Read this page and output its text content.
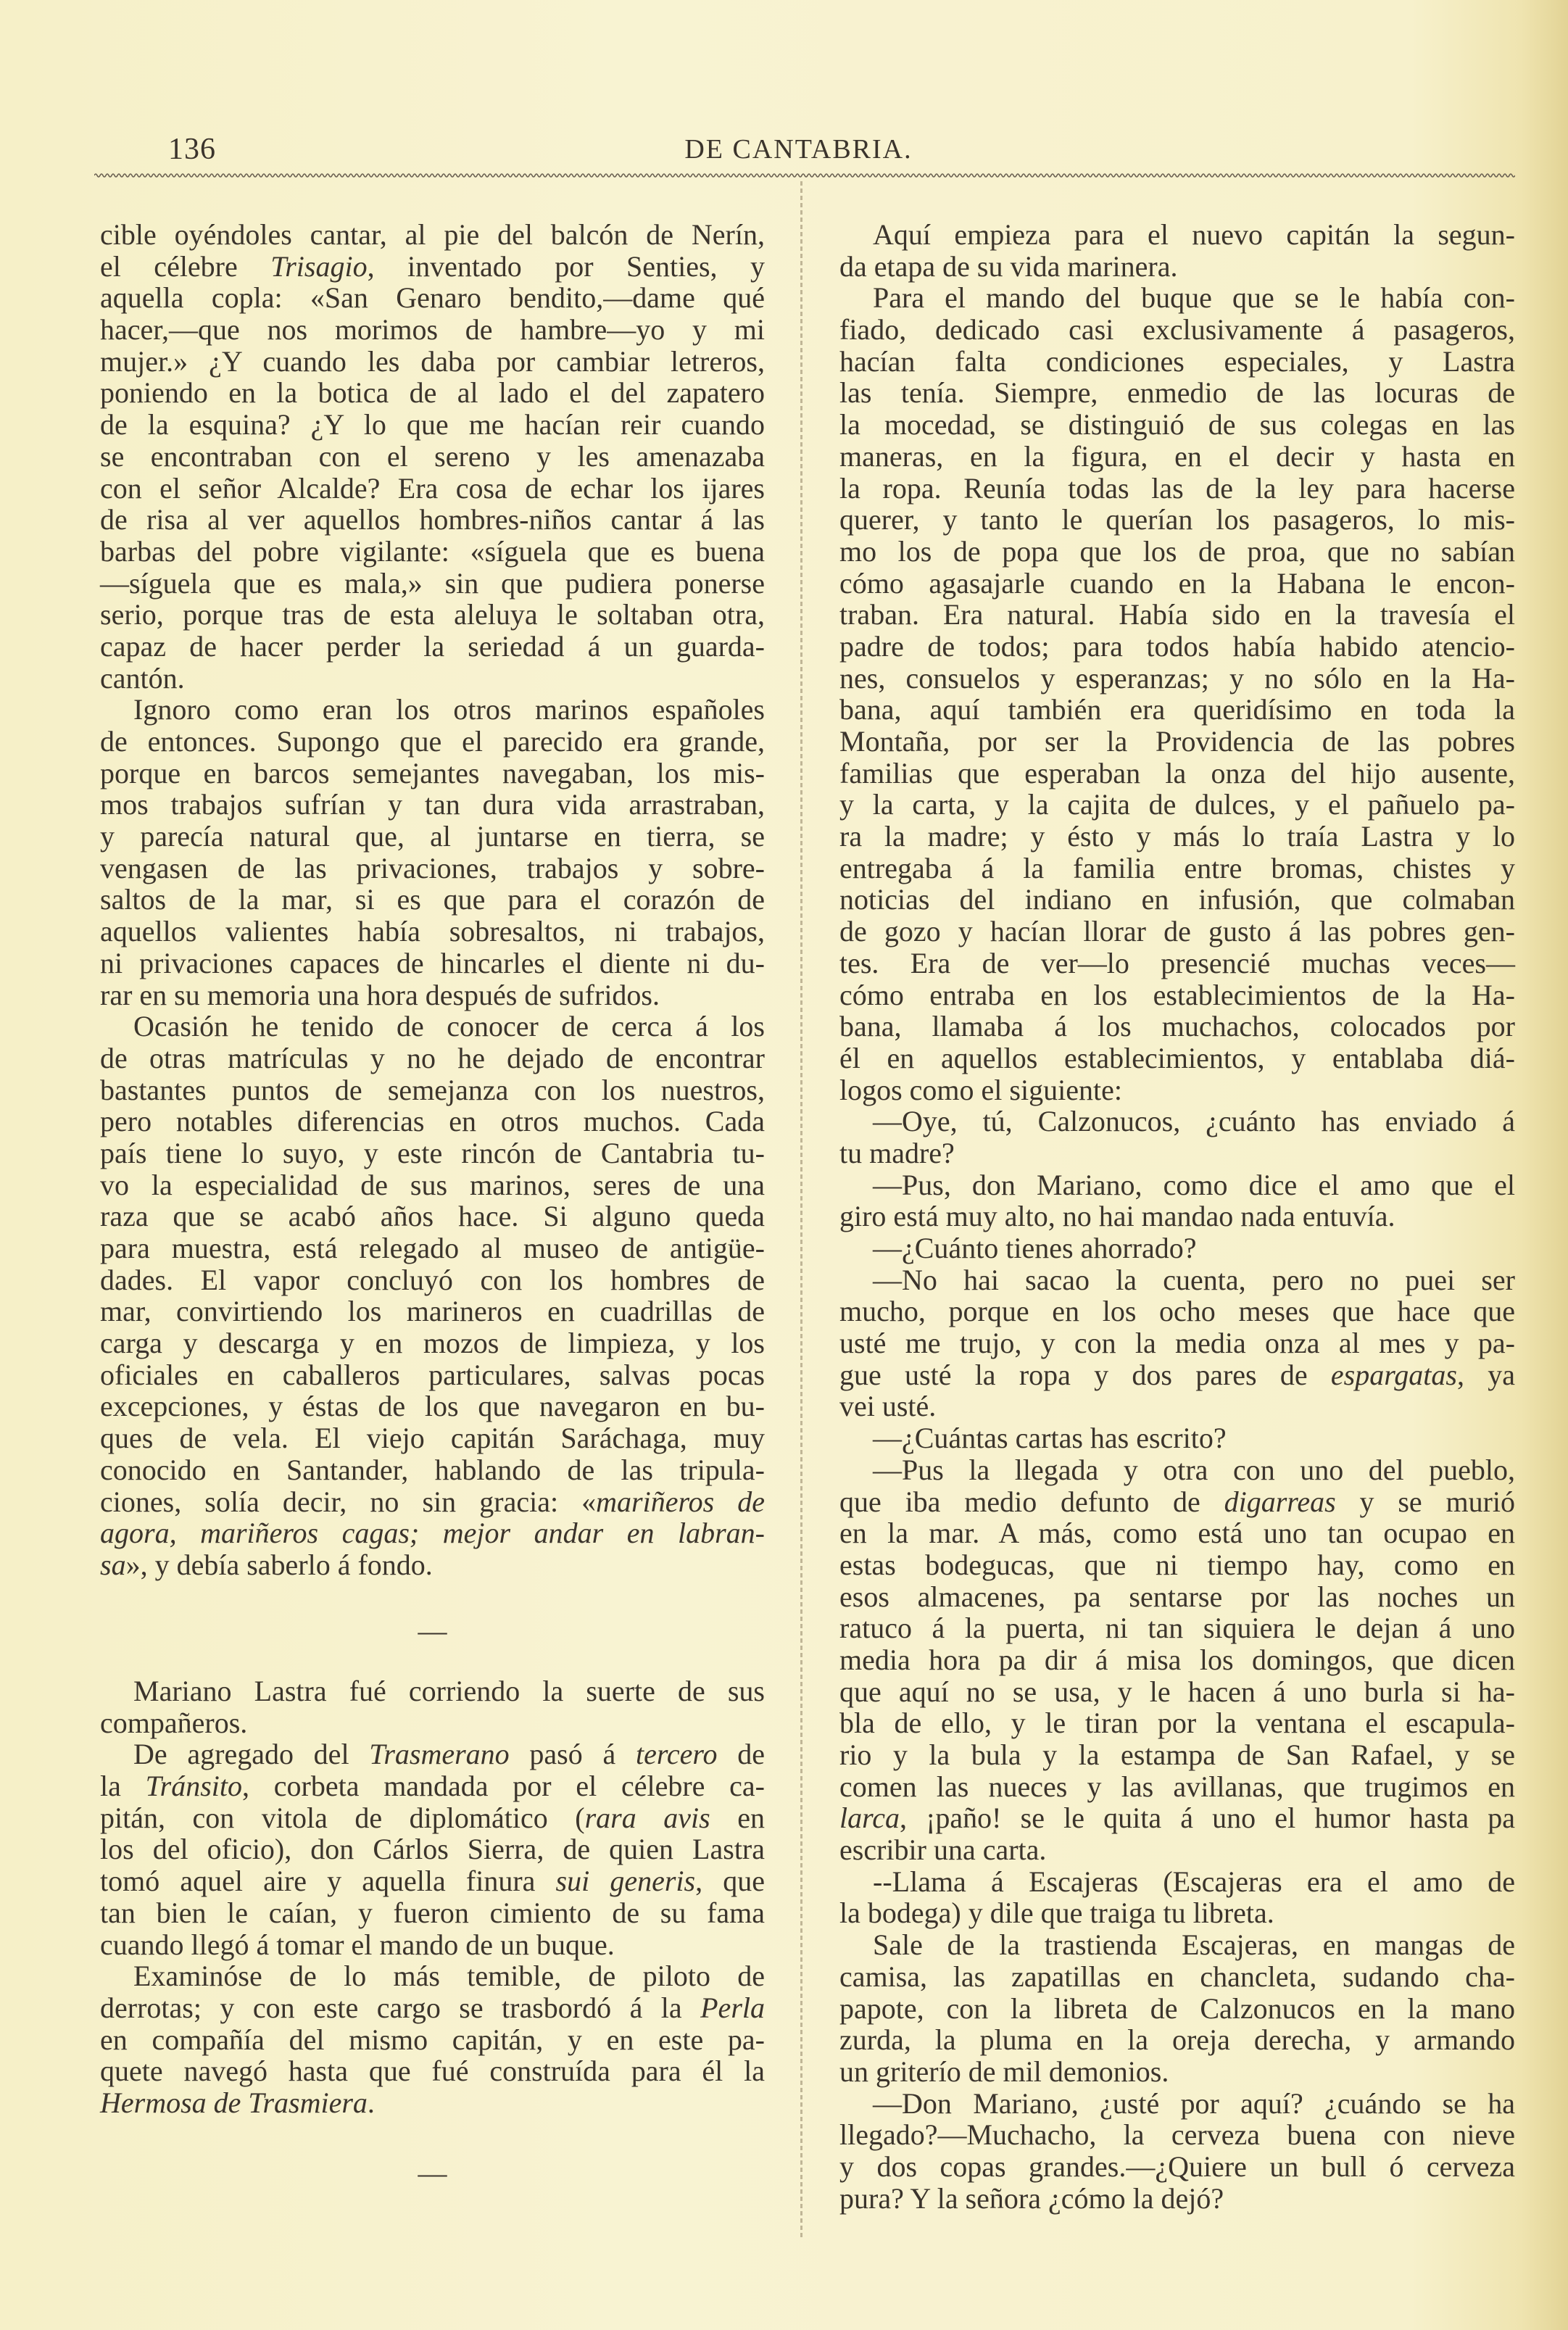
136	DE CANTABRIA.
cible oyéndoles cantar, al pie del balcón de Nerín,
el célebre Trisagio, inventado por Senties, y
aquella copla: «San Genaro bendito,—dame qué
hacer,—que nos morimos de hambre—yo y mi
mujer.» ¿Y cuando les daba por cambiar letreros,
poniendo en la botica de al lado el del zapatero
de la esquina? ¿Y lo que me hacían reir cuando
se encontraban con el sereno y les amenazaba
con el señor Alcalde? Era cosa de echar los ijares
de risa al ver aquellos hombres-niños cantar á las
barbas del pobre vigilante: «síguela que es buena
—síguela que es mala,» sin que pudiera ponerse
serio, porque tras de esta aleluya le soltaban otra,
capaz de hacer perder la seriedad á un guarda-
cantón.
Ignoro como eran los otros marinos españoles
de entonces. Supongo que el parecido era grande,
porque en barcos semejantes navegaban, los mis-
mos trabajos sufrían y tan dura vida arrastraban,
y parecía natural que, al juntarse en tierra, se
vengasen de las privaciones, trabajos y sobre-
saltos de la mar, si es que para el corazón de
aquellos valientes había sobresaltos, ni trabajos,
ni privaciones capaces de hincarles el diente ni du-
rar en su memoria una hora después de sufridos.
Ocasión he tenido de conocer de cerca á los
de otras matrículas y no he dejado de encontrar
bastantes puntos de semejanza con los nuestros,
pero notables diferencias en otros muchos. Cada
país tiene lo suyo, y este rincón de Cantabria tu-
vo la especialidad de sus marinos, seres de una
raza que se acabó años hace. Si alguno queda
para muestra, está relegado al museo de antigüe-
dades. El vapor concluyó con los hombres de
mar, convirtiendo los marineros en cuadrillas de
carga y descarga y en mozos de limpieza, y los
oficiales en caballeros particulares, salvas pocas
excepciones, y éstas de los que navegaron en bu-
ques de vela. El viejo capitán Saráchaga, muy
conocido en Santander, hablando de las tripula-
ciones, solía decir, no sin gracia: «mariñeros de
agora, mariñeros cagas; mejor andar en labran-
sa», y debía saberlo á fondo.
—
Mariano Lastra fué corriendo la suerte de sus
compañeros.
De agregado del Trasmerano pasó á tercero de
la Tránsito, corbeta mandada por el célebre ca-
pitán, con vitola de diplomático (rara avis en
los del oficio), don Cárlos Sierra, de quien Lastra
tomó aquel aire y aquella finura sui generis, que
tan bien le caían, y fueron cimiento de su fama
cuando llegó á tomar el mando de un buque.
Examinóse de lo más temible, de piloto de
derrotas; y con este cargo se trasbordó á la Perla
en compañía del mismo capitán, y en este pa-
quete navegó hasta que fué construída para él la
Hermosa de Trasmiera.
—
Aquí empieza para el nuevo capitán la segun-
da etapa de su vida marinera.
Para el mando del buque que se le había con-
fiado, dedicado casi exclusivamente á pasageros,
hacían falta condiciones especiales, y Lastra
las tenía. Siempre, enmedio de las locuras de
la mocedad, se distinguió de sus colegas en las
maneras, en la figura, en el decir y hasta en
la ropa. Reunía todas las de la ley para hacerse
querer, y tanto le querían los pasageros, lo mis-
mo los de popa que los de proa, que no sabían
cómo agasajarle cuando en la Habana le encon-
traban. Era natural. Había sido en la travesía el
padre de todos; para todos había habido atencio-
nes, consuelos y esperanzas; y no sólo en la Ha-
bana, aquí también era queridísimo en toda la
Montaña, por ser la Providencia de las pobres
familias que esperaban la onza del hijo ausente,
y la carta, y la cajita de dulces, y el pañuelo pa-
ra la madre; y ésto y más lo traía Lastra y lo
entregaba á la familia entre bromas, chistes y
noticias del indiano en infusión, que colmaban
de gozo y hacían llorar de gusto á las pobres gen-
tes. Era de ver—lo presencié muchas veces—
cómo entraba en los establecimientos de la Ha-
bana, llamaba á los muchachos, colocados por
él en aquellos establecimientos, y entablaba diá-
logos como el siguiente:
—Oye, tú, Calzonucos, ¿cuánto has enviado á
tu madre?
—Pus, don Mariano, como dice el amo que el
giro está muy alto, no hai mandao nada entuvía.
—¿Cuánto tienes ahorrado?
—No hai sacao la cuenta, pero no puei ser
mucho, porque en los ocho meses que hace que
usté me trujo, y con la media onza al mes y pa-
gue usté la ropa y dos pares de espargatas, ya
vei usté.
—¿Cuántas cartas has escrito?
—Pus la llegada y otra con uno del pueblo,
que iba medio defunto de digarreas y se murió
en la mar. A más, como está uno tan ocupao en
estas bodegucas, que ni tiempo hay, como en
esos almacenes, pa sentarse por las noches un
ratuco á la puerta, ni tan siquiera le dejan á uno
media hora pa dir á misa los domingos, que dicen
que aquí no se usa, y le hacen á uno burla si ha-
bla de ello, y le tiran por la ventana el escapula-
rio y la bula y la estampa de San Rafael, y se
comen las nueces y las avillanas, que trugimos en
larca, ¡paño! se le quita á uno el humor hasta pa
escribir una carta.
--Llama á Escajeras (Escajeras era el amo de
la bodega) y dile que traiga tu libreta.
Sale de la trastienda Escajeras, en mangas de
camisa, las zapatillas en chancleta, sudando cha-
papote, con la libreta de Calzonucos en la mano
zurda, la pluma en la oreja derecha, y armando
un griterío de mil demonios.
—Don Mariano, ¿usté por aquí? ¿cuándo se ha
llegado?—Muchacho, la cerveza buena con nieve
y dos copas grandes.—¿Quiere un bull ó cerveza
pura? Y la señora ¿cómo la dejó?
